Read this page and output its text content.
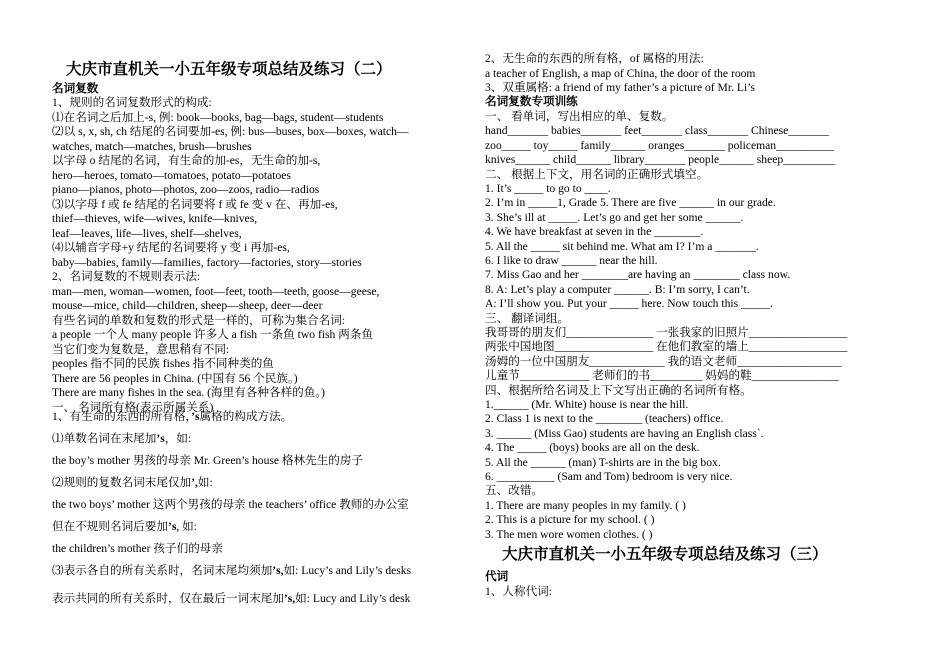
大庆市直机关一小五年级专项总结及练习（二）
名词复数
1、规则的名词复数形式的构成:
⑴在名词之后加上-s, 例: book—books, bag—bags, student—students
⑵以 s, x, sh, ch 结尾的名词要加-es, 例: bus—buses, box—boxes, watch—
watches, match—matches, brush—brushes
以字母 o 结尾的名词，有生命的加-es，无生命的加-s,
hero—heroes, tomato—tomatoes, potato—potatoes
piano—pianos, photo—photos, zoo—zoos, radio—radios
⑶以字母 f 或 fe 结尾的名词要将 f 或 fe 变 v 在、再加-es,
thief—thieves, wife—wives, knife—knives,
leaf—leaves, life—lives, shelf—shelves,
⑷以辅音字母+y 结尾的名词要将 y 变 i 再加-es,
baby—babies, family—families, factory—factories, story—stories
2、名词复数的不规则表示法:
man—men, woman—women, foot—feet, tooth—teeth, goose—geese,
mouse—mice, child—children, sheep—sheep, deer—deer
有些名词的单数和复数的形式是一样的，可称为集合名词:
a people 一个人 many people 许多人 a fish 一条鱼 two fish 两条鱼
当它们变为复数是，意思稍有不同:
peoples 指不同的民族 fishes 指不同种类的鱼
There are 56 peoples in China. (中国有 56 个民族。)
There are many fishes in the sea. (海里有各种各样的鱼。)
一、 名词所有格(表示所属关系)
1、有生命的东西的所有格，’s属格的构成方法。
⑴单数名词在末尾加’s，如:
the boy’s mother 男孩的母亲 Mr. Green’s house 格林先生的房子
⑵规则的复数名词末尾仅加’,如:
the two boys’ mother 这两个男孩的母亲 the teachers’ office 教师的办公室
但在不规则名词后要加’s, 如:
the children’s mother 孩子们的母亲
⑶表示各自的所有关系时，名词末尾均须加’s,如: Lucy’s and Lily’s desks
表示共同的所有关系时，仅在最后一词末尾加’s,如: Lucy and Lily’s desk
2、无生命的东西的所有格，of 属格的用法:
a teacher of English, a map of China, the door of the room
3、双重属格: a friend of my father’s a picture of Mr. Li’s
名词复数专项训练
一、 看单词，写出相应的单、复数。
hand_______ babies_______ feet_______ class_______ Chinese_______
zoo_____ toy_____ family______ oranges_______ policeman__________
knives______ child______ library_______ people______ sheep_________
二、 根据上下文，用名词的正确形式填空。
1. It’s _____ to go to ____.
2. I’m in _____1, Grade 5. There are five ______ in our grade.
3. She’s ill at _____. Let’s go and get her some ______.
4. We have breakfast at seven in the ________.
5. All the _____ sit behind me. What am I? I’m a _______.
6. I like to draw ______ near the hill.
7. Miss Gao and her ________are having an ________ class now.
8. A: Let’s play a computer ______. B: I’m sorry, I can’t.
A: I’ll show you. Put your _____ here. Now touch this _____.
三、 翻译词组。
我哥哥的朋友们_______________ 一张我家的旧照片_________________
两张中国地图_________________ 在他们教室的墙上_________________
汤姆的一位中国朋友_____________ 我的语文老师__________________
儿童节____________ 老师们的书_________ 妈妈的鞋_______________
四、根据所给名词及上下文写出正确的名词所有格。
1.______ (Mr. White) house is near the hill.
2. Class 1 is next to the ________ (teachers) office.
3. ______ (Miss Gao) students are having an English class`.
4. The _____ (boys) books are all on the desk.
5. All the ______ (man) T-shirts are in the big box.
6. __________ (Sam and Tom) bedroom is very nice.
五、改错。
1. There are many peoples in my family. ( )
2. This is a picture for my school. ( )
3. The men wore women clothes. ( )
大庆市直机关一小五年级专项总结及练习（三）
代词
1、人称代词:
